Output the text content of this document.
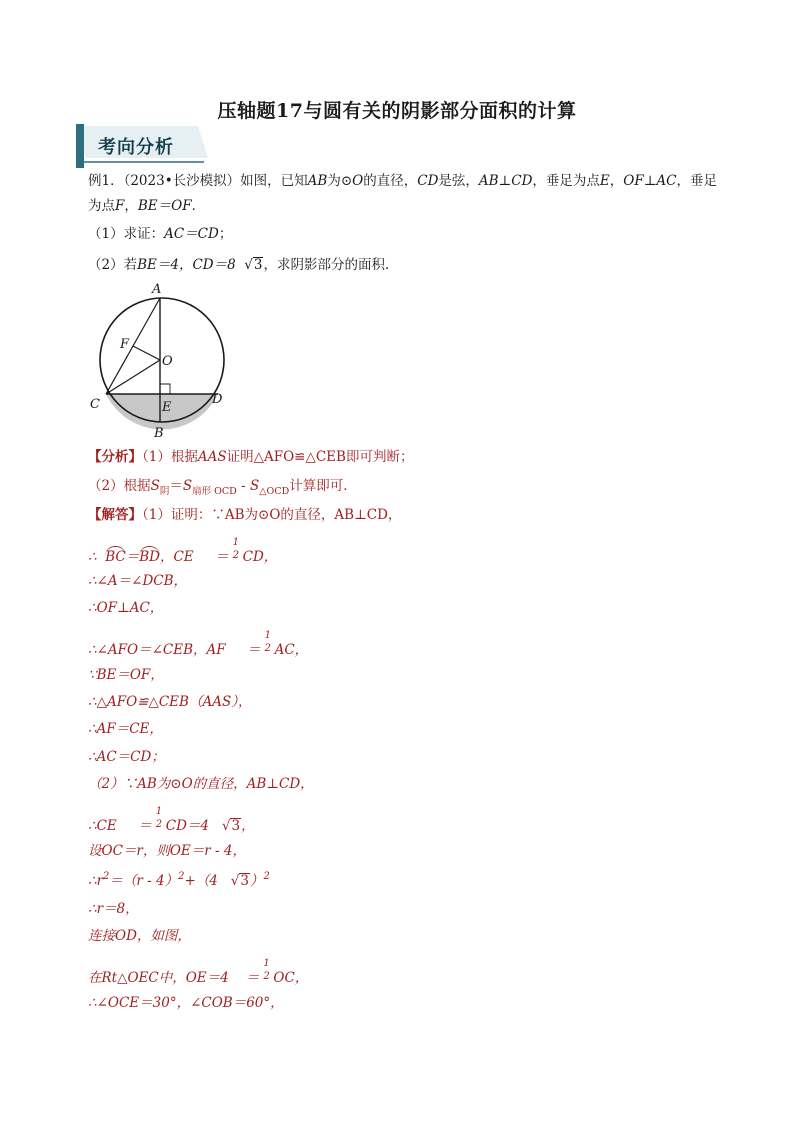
压轴题17与圆有关的阴影部分面积的计算
考向分析
例1．（2023•长沙模拟）如图，已知AB为⊙O的直径，CD是弦，AB⊥CD，垂足为点E，OF⊥AC，垂足
为点F，BE＝OF．
（1）求证：AC＝CD；
（2）若BE＝4，CD＝8  √3，求阴影部分的面积．
A
F
O
C	E
D
B
【分析】（1）根据AAS证明△AFO≌△CEB即可判断；
（2）根据$S_阴=S_{扇形 OCD} - S_{\triangle OCD}$计算即可．
【解答】（1）证明：∵AB为⊙O的直径，AB⊥CD，
∴ BC＝BD，CE ＝
1
2 CD，
∴∠A＝∠DCB，
∴OF⊥AC，
∴∠AFO＝∠CEB，AF ＝
1
2 AC，
∵BE＝OF，
∴△AFO≌△CEB（AAS），
∴AF＝CE，
∴AC＝CD；
（2）∵AB为⊙O的直径，AB⊥CD，
∴CE ＝
1
2 CD＝4   √3，
设OC＝r，则OE＝r - 4，
$\therefore r^2=(r - 4)^2+(4$   √3）$^2$
∴r＝8，
连接OD，如图，
在Rt△OEC中，OE＝4 ＝
1
2 OC，
∴∠OCE＝30°，∠COB＝60°，
